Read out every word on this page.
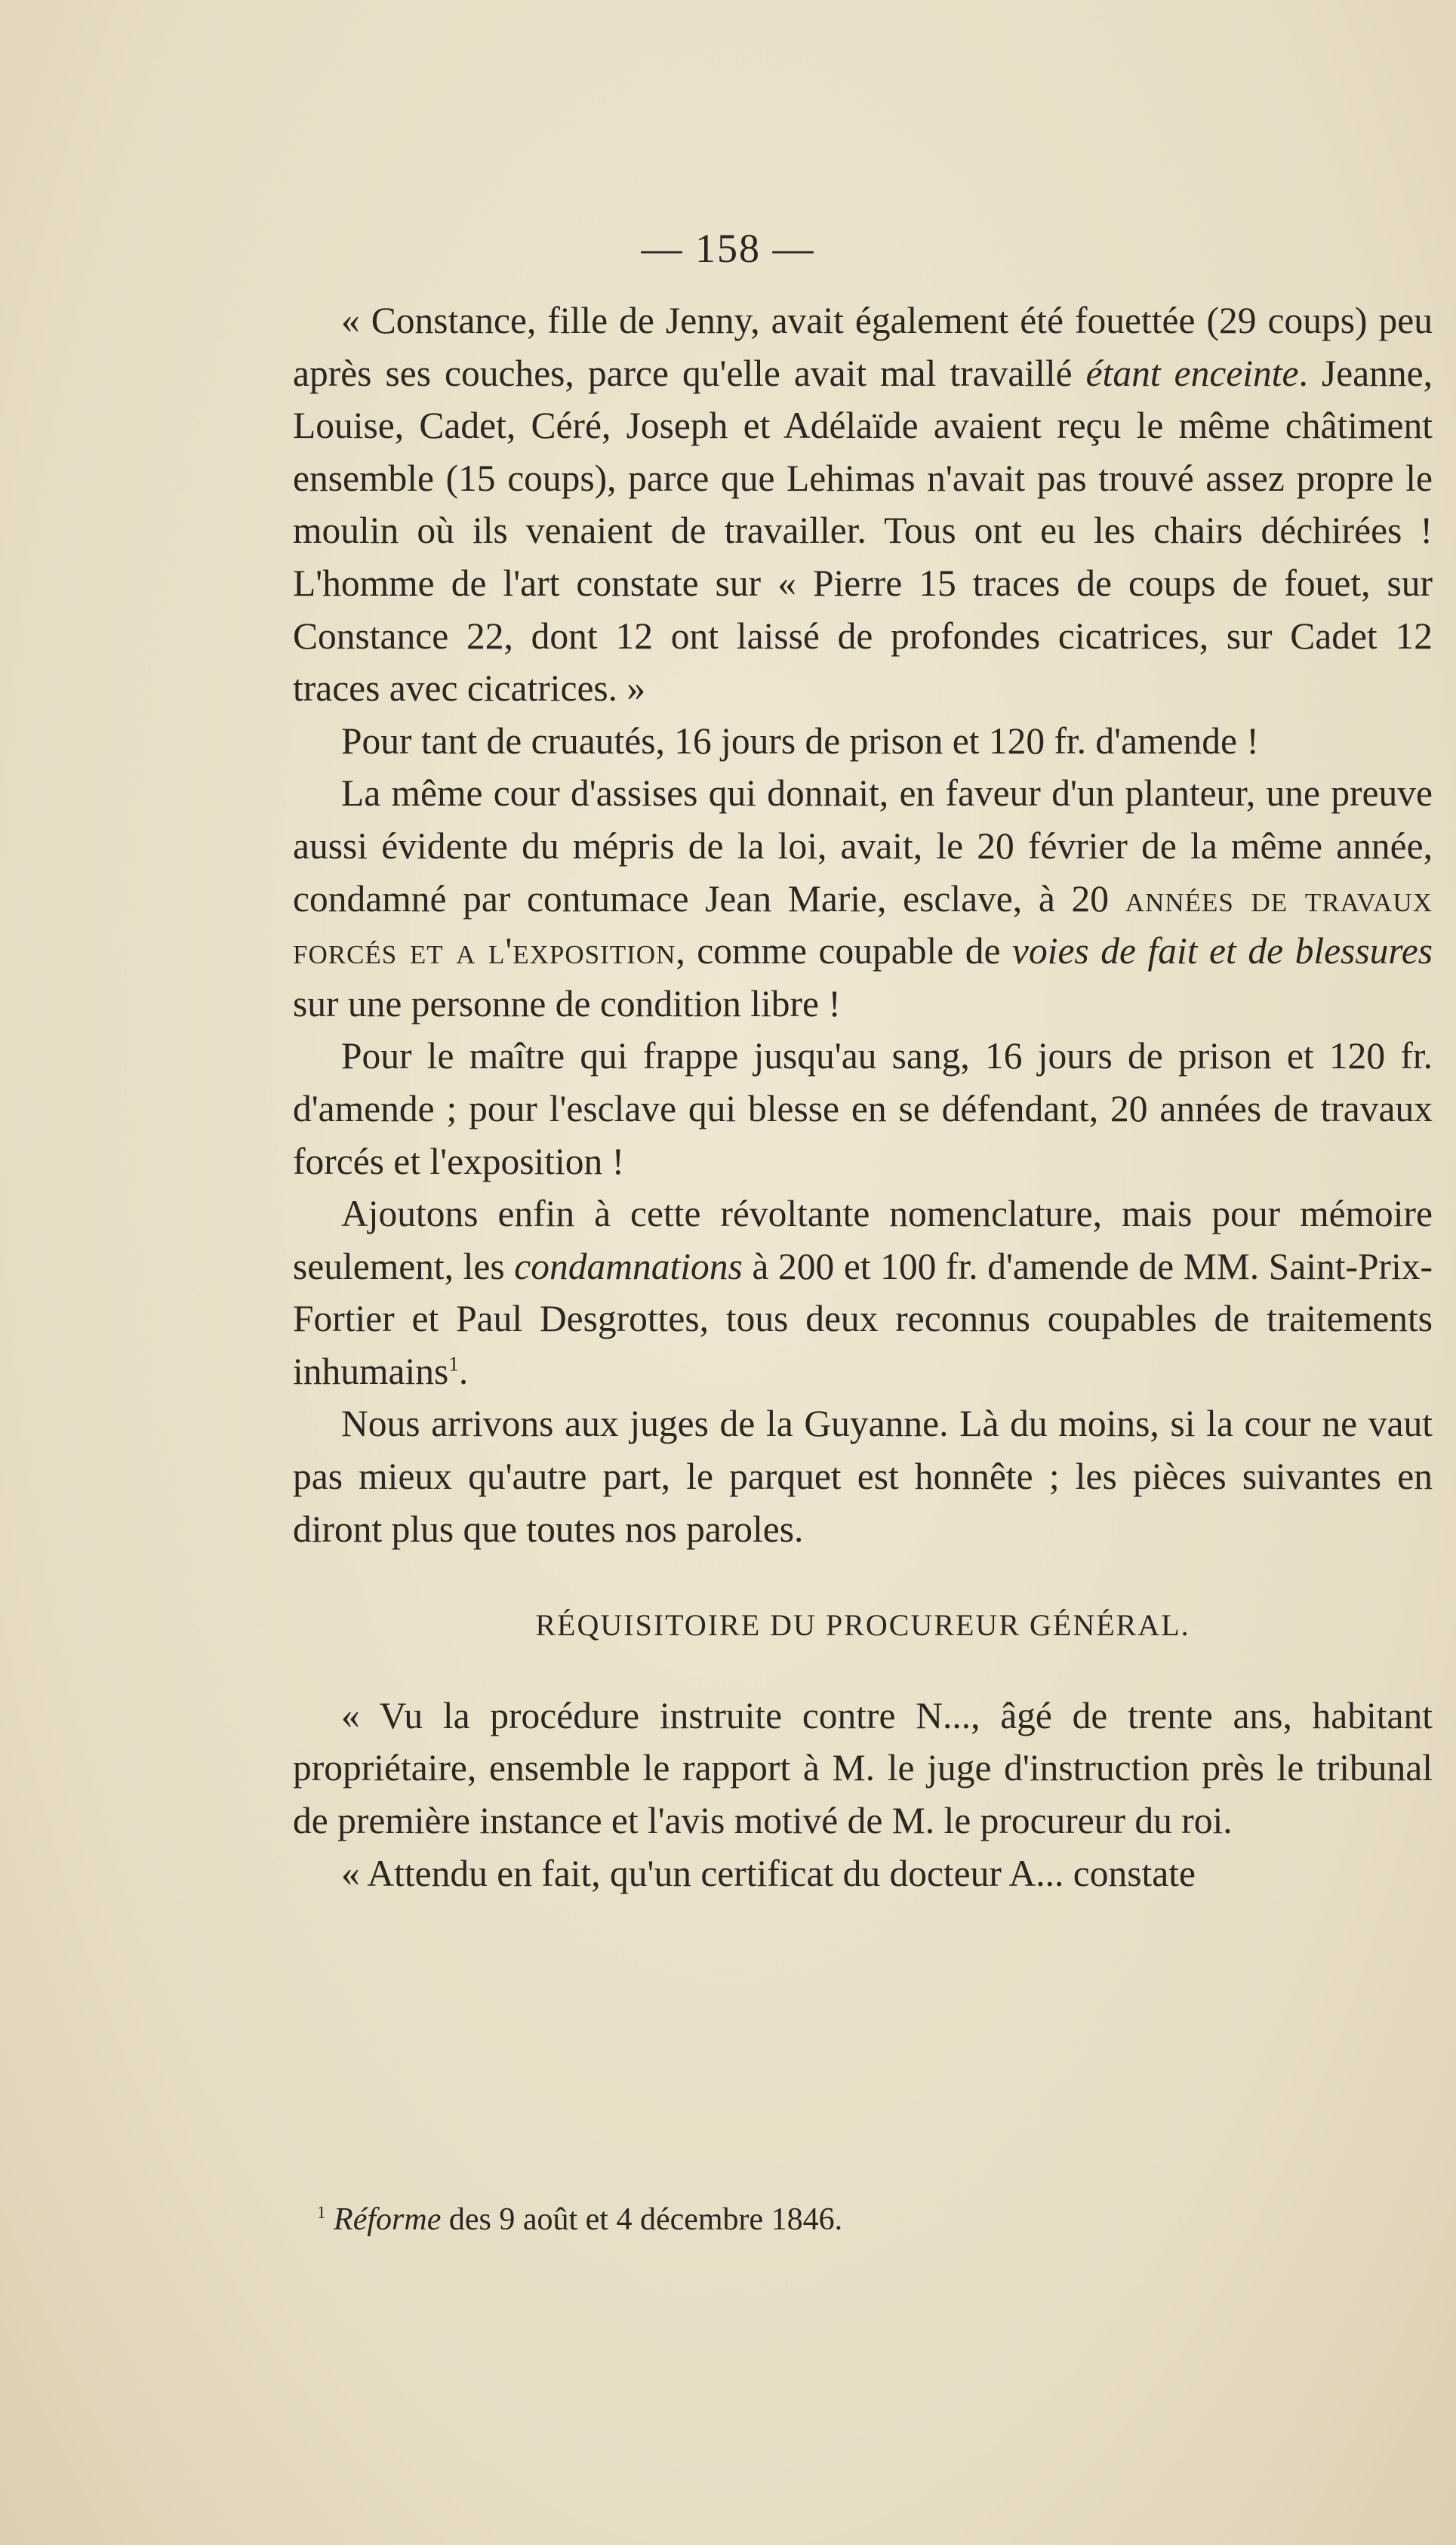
— 158 —

« Constance, fille de Jenny, avait également été fouettée (29 coups) peu après ses couches, parce qu'elle avait mal travaillé étant enceinte. Jeanne, Louise, Cadet, Céré, Joseph et Adélaïde avaient reçu le même châtiment ensemble (15 coups), parce que Lehimas n'avait pas trouvé assez propre le moulin où ils venaient de travailler. Tous ont eu les chairs déchirées ! L'homme de l'art constate sur « Pierre 15 traces de coups de fouet, sur Constance 22, dont 12 ont laissé de profondes cicatrices, sur Cadet 12 traces avec cicatrices. »

Pour tant de cruautés, 16 jours de prison et 120 fr. d'amende !

La même cour d'assises qui donnait, en faveur d'un planteur, une preuve aussi évidente du mépris de la loi, avait, le 20 février de la même année, condamné par contumace Jean Marie, esclave, à 20 années de travaux forcés et a l'exposition, comme coupable de voies de fait et de blessures sur une personne de condition libre !

Pour le maître qui frappe jusqu'au sang, 16 jours de prison et 120 fr. d'amende ; pour l'esclave qui blesse en se défendant, 20 années de travaux forcés et l'exposition !

Ajoutons enfin à cette révoltante nomenclature, mais pour mémoire seulement, les condamnations à 200 et 100 fr. d'amende de MM. Saint-Prix-Fortier et Paul Desgrottes, tous deux reconnus coupables de traitements inhumains$^1$.

Nous arrivons aux juges de la Guyanne. Là du moins, si la cour ne vaut pas mieux qu'autre part, le parquet est honnête ; les pièces suivantes en diront plus que toutes nos paroles.

RÉQUISITOIRE DU PROCUREUR GÉNÉRAL.

« Vu la procédure instruite contre N..., âgé de trente ans, habitant propriétaire, ensemble le rapport à M. le juge d'instruction près le tribunal de première instance et l'avis motivé de M. le procureur du roi.

« Attendu en fait, qu'un certificat du docteur A... constate

$^1$ Réforme des 9 août et 4 décembre 1846.
